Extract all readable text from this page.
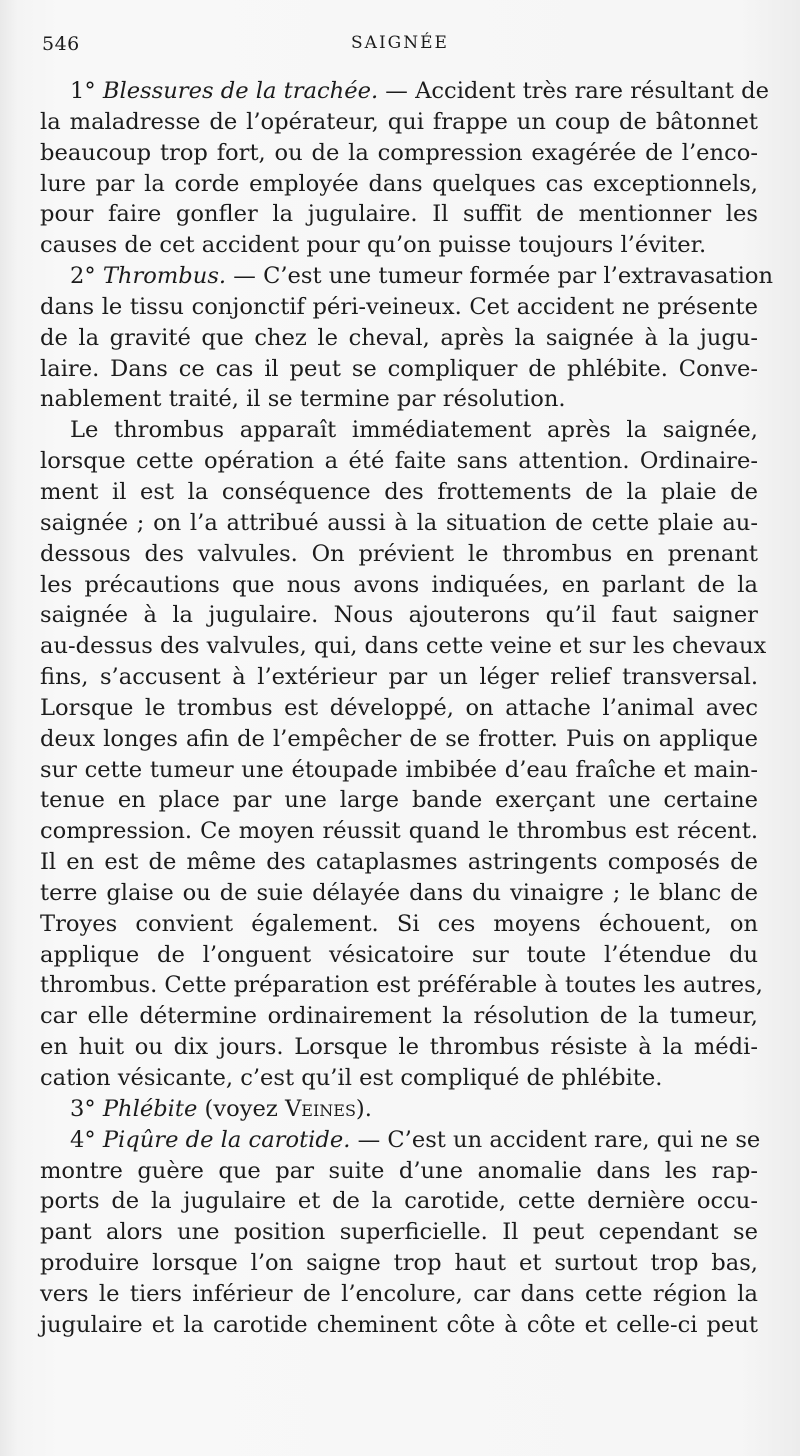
546	SAIGNÉE
1° Blessures de la trachée. — Accident très rare résultant de
la maladresse de l’opérateur, qui frappe un coup de bâtonnet
beaucoup trop fort, ou de la compression exagérée de l’enco-
lure par la corde employée dans quelques cas exceptionnels,
pour faire gonfler la jugulaire. Il suffit de mentionner les
causes de cet accident pour qu’on puisse toujours l’éviter.
2° Thrombus. — C’est une tumeur formée par l’extravasation
dans le tissu conjonctif péri-veineux. Cet accident ne présente
de la gravité que chez le cheval, après la saignée à la jugu-
laire. Dans ce cas il peut se compliquer de phlébite. Conve-
nablement traité, il se termine par résolution.
Le thrombus apparaît immédiatement après la saignée,
lorsque cette opération a été faite sans attention. Ordinaire-
ment il est la conséquence des frottements de la plaie de
saignée ; on l’a attribué aussi à la situation de cette plaie au-
dessous des valvules. On prévient le thrombus en prenant
les précautions que nous avons indiquées, en parlant de la
saignée à la jugulaire. Nous ajouterons qu’il faut saigner
au-dessus des valvules, qui, dans cette veine et sur les chevaux
fins, s’accusent à l’extérieur par un léger relief transversal.
Lorsque le trombus est développé, on attache l’animal avec
deux longes afin de l’empêcher de se frotter. Puis on applique
sur cette tumeur une étoupade imbibée d’eau fraîche et main-
tenue en place par une large bande exerçant une certaine
compression. Ce moyen réussit quand le thrombus est récent.
Il en est de même des cataplasmes astringents composés de
terre glaise ou de suie délayée dans du vinaigre ; le blanc de
Troyes convient également. Si ces moyens échouent, on
applique de l’onguent vésicatoire sur toute l’étendue du
thrombus. Cette préparation est préférable à toutes les autres,
car elle détermine ordinairement la résolution de la tumeur,
en huit ou dix jours. Lorsque le thrombus résiste à la médi-
cation vésicante, c’est qu’il est compliqué de phlébite.
3° Phlébite (voyez Veines).
4° Piqûre de la carotide. — C’est un accident rare, qui ne se
montre guère que par suite d’une anomalie dans les rap-
ports de la jugulaire et de la carotide, cette dernière occu-
pant alors une position superficielle. Il peut cependant se
produire lorsque l’on saigne trop haut et surtout trop bas,
vers le tiers inférieur de l’encolure, car dans cette région la
jugulaire et la carotide cheminent côte à côte et celle-ci peut
